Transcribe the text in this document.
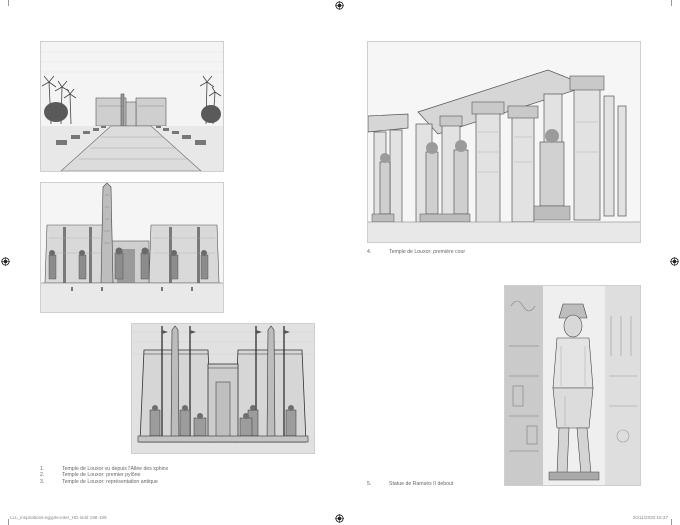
1.	Temple de Louxor vu depuis l'Allée des sphinx
2.	Temple de Louxor: premier pylône
3.	Temple de Louxor: représentation antique
4.	Temple de Louxor: première cour
5.	Statue de Ramsès II debout
LLL_inspirations-egypte-inter_HD.indd 198-199	20/11/2020 15:37
